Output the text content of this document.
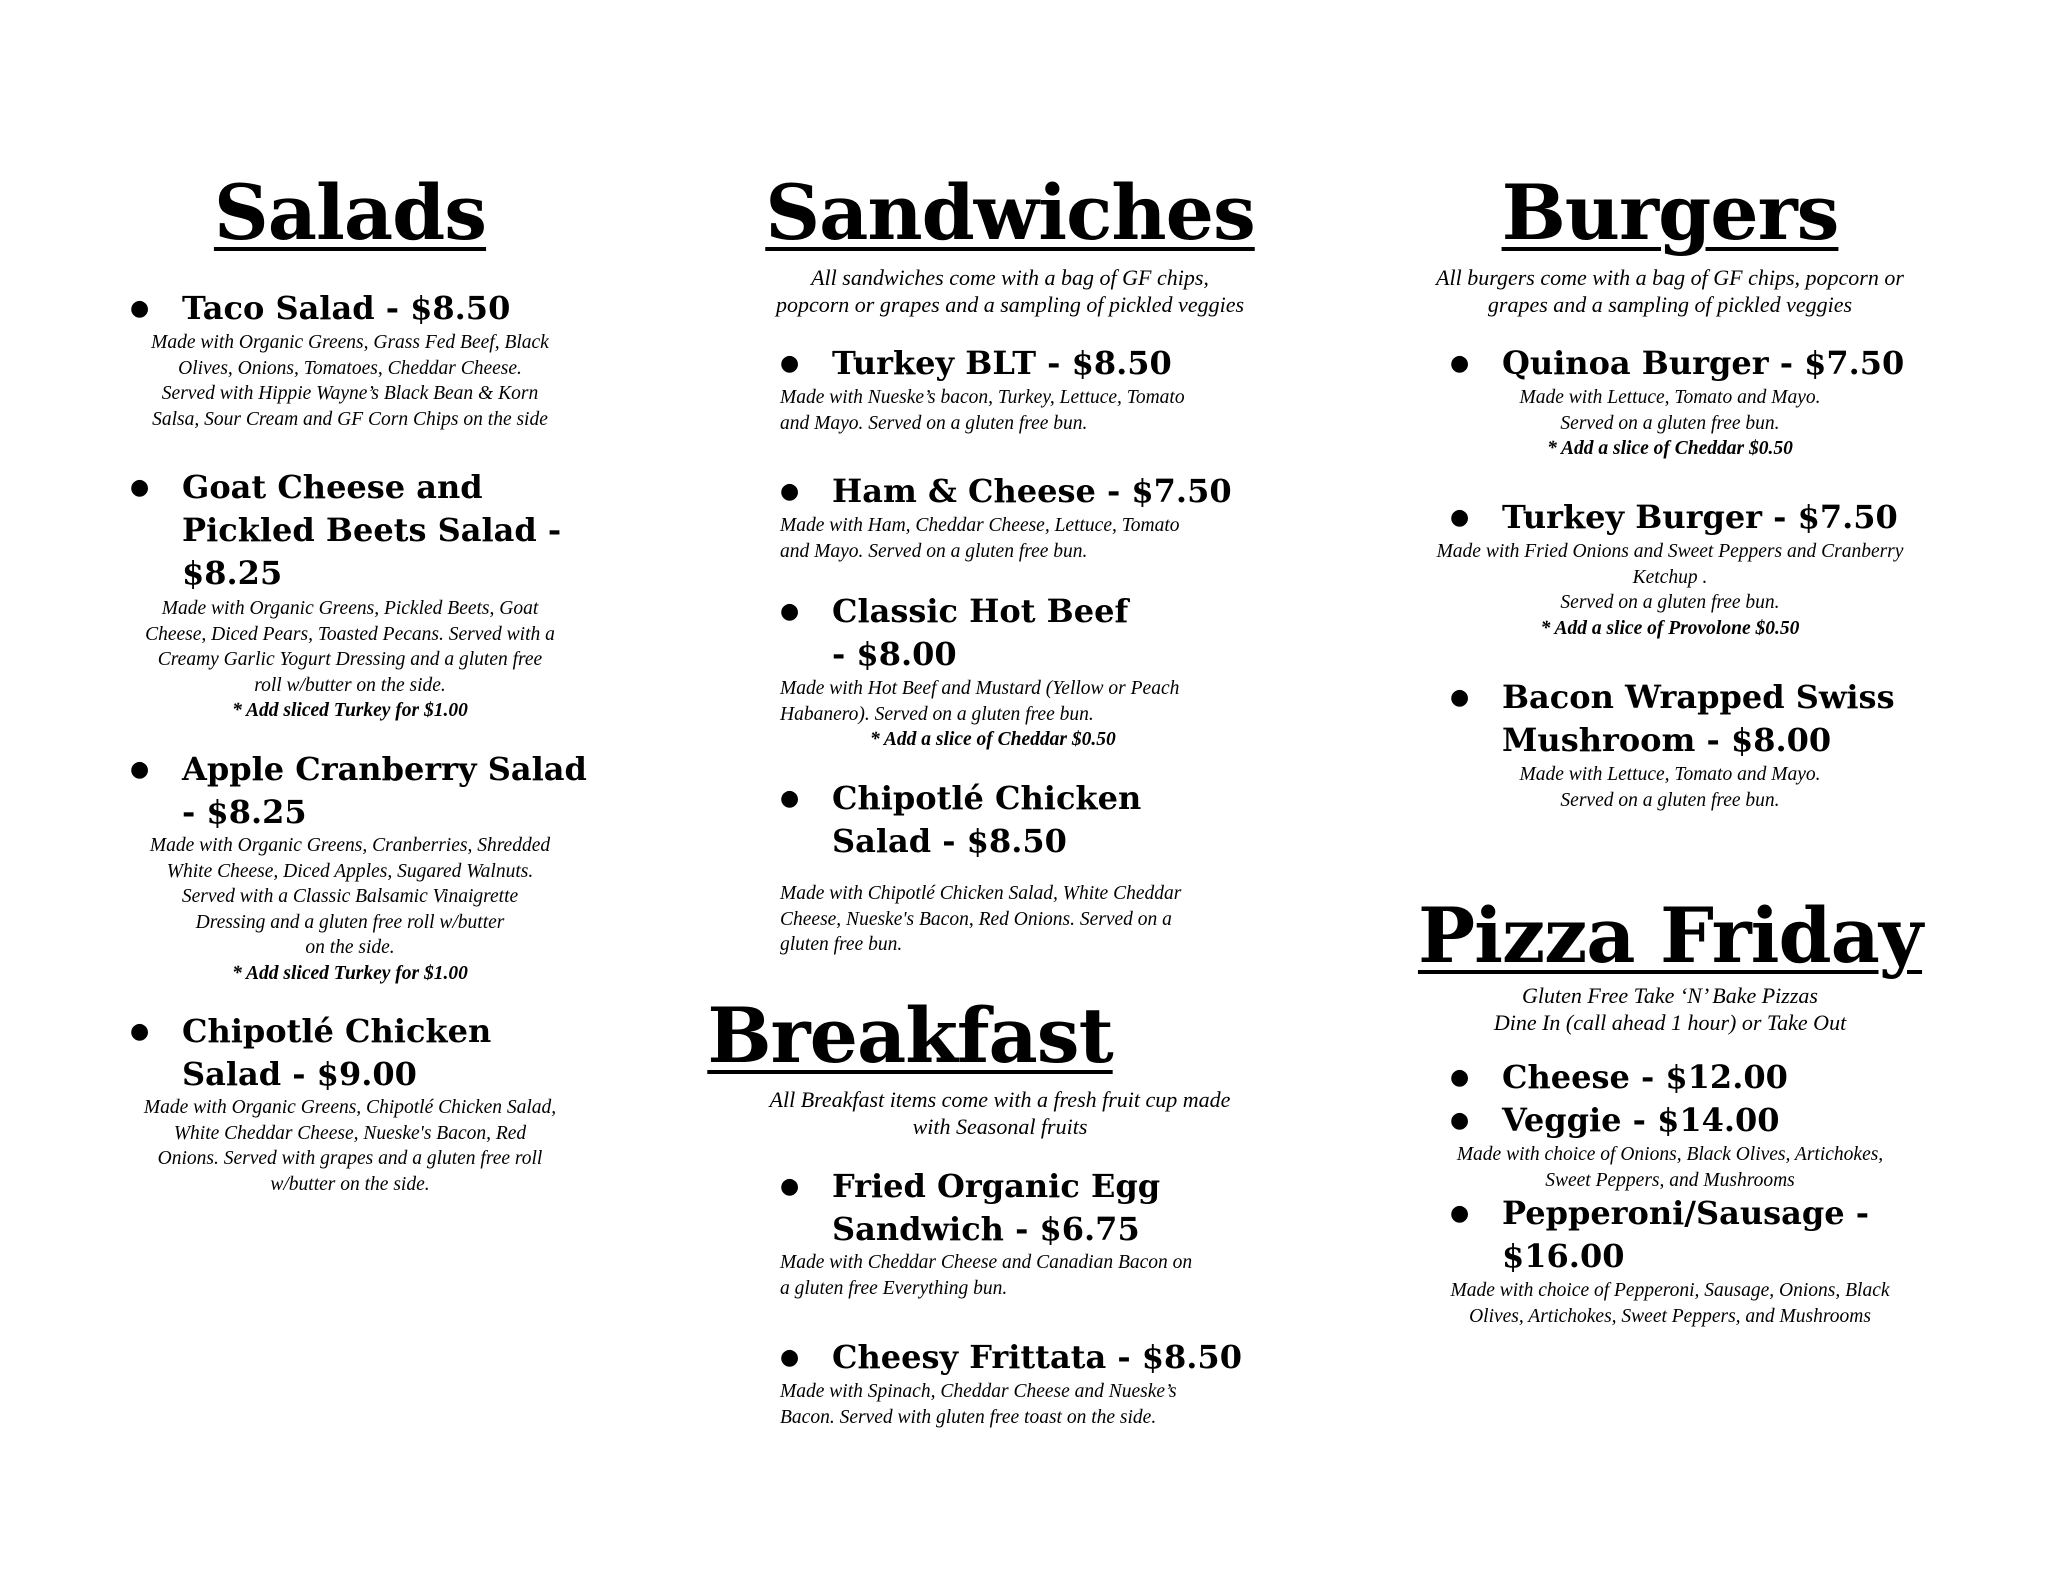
Salads
● Taco Salad - $8.50
Made with Organic Greens, Grass Fed Beef, Black
Olives, Onions, Tomatoes, Cheddar Cheese.
Served with Hippie Wayne’s Black Bean & Korn
Salsa, Sour Cream and GF Corn Chips on the side
● Goat Cheese and Pickled Beets Salad - $8.25
Made with Organic Greens, Pickled Beets, Goat
Cheese, Diced Pears, Toasted Pecans. Served with a
Creamy Garlic Yogurt Dressing and a gluten free
roll w/butter on the side.
* Add sliced Turkey for $1.00
● Apple Cranberry Salad - $8.25
Made with Organic Greens, Cranberries, Shredded
White Cheese, Diced Apples, Sugared Walnuts.
Served with a Classic Balsamic Vinaigrette
Dressing and a gluten free roll w/butter
on the side.
* Add sliced Turkey for $1.00
● Chipotlé Chicken Salad - $9.00
Made with Organic Greens, Chipotlé Chicken Salad,
White Cheddar Cheese, Nueske's Bacon, Red
Onions. Served with grapes and a gluten free roll
w/butter on the side.
Sandwiches
All sandwiches come with a bag of GF chips,
popcorn or grapes and a sampling of pickled veggies
● Turkey BLT - $8.50
Made with Nueske’s bacon, Turkey, Lettuce, Tomato
and Mayo. Served on a gluten free bun.
● Ham & Cheese - $7.50
Made with Ham, Cheddar Cheese, Lettuce, Tomato
and Mayo. Served on a gluten free bun.
● Classic Hot Beef - $8.00
Made with Hot Beef and Mustard (Yellow or Peach
Habanero). Served on a gluten free bun.
* Add a slice of Cheddar $0.50
● Chipotlé Chicken Salad - $8.50
Made with Chipotlé Chicken Salad, White Cheddar
Cheese, Nueske's Bacon, Red Onions. Served on a
gluten free bun.
Breakfast
All Breakfast items come with a fresh fruit cup made
with Seasonal fruits
● Fried Organic Egg Sandwich - $6.75
Made with Cheddar Cheese and Canadian Bacon on
a gluten free Everything bun.
● Cheesy Frittata - $8.50
Made with Spinach, Cheddar Cheese and Nueske’s
Bacon. Served with gluten free toast on the side.
Burgers
All burgers come with a bag of GF chips, popcorn or
grapes and a sampling of pickled veggies
● Quinoa Burger - $7.50
Made with Lettuce, Tomato and Mayo.
Served on a gluten free bun.
* Add a slice of Cheddar $0.50
● Turkey Burger - $7.50
Made with Fried Onions and Sweet Peppers and Cranberry
Ketchup .
Served on a gluten free bun.
* Add a slice of Provolone $0.50
● Bacon Wrapped Swiss Mushroom - $8.00
Made with Lettuce, Tomato and Mayo.
Served on a gluten free bun.
Pizza Friday
Gluten Free Take ‘N’ Bake Pizzas
Dine In (call ahead 1 hour) or Take Out
● Cheese - $12.00
● Veggie - $14.00
Made with choice of Onions, Black Olives, Artichokes,
Sweet Peppers, and Mushrooms
● Pepperoni/Sausage - $16.00
Made with choice of Pepperoni, Sausage, Onions, Black
Olives, Artichokes, Sweet Peppers, and Mushrooms
